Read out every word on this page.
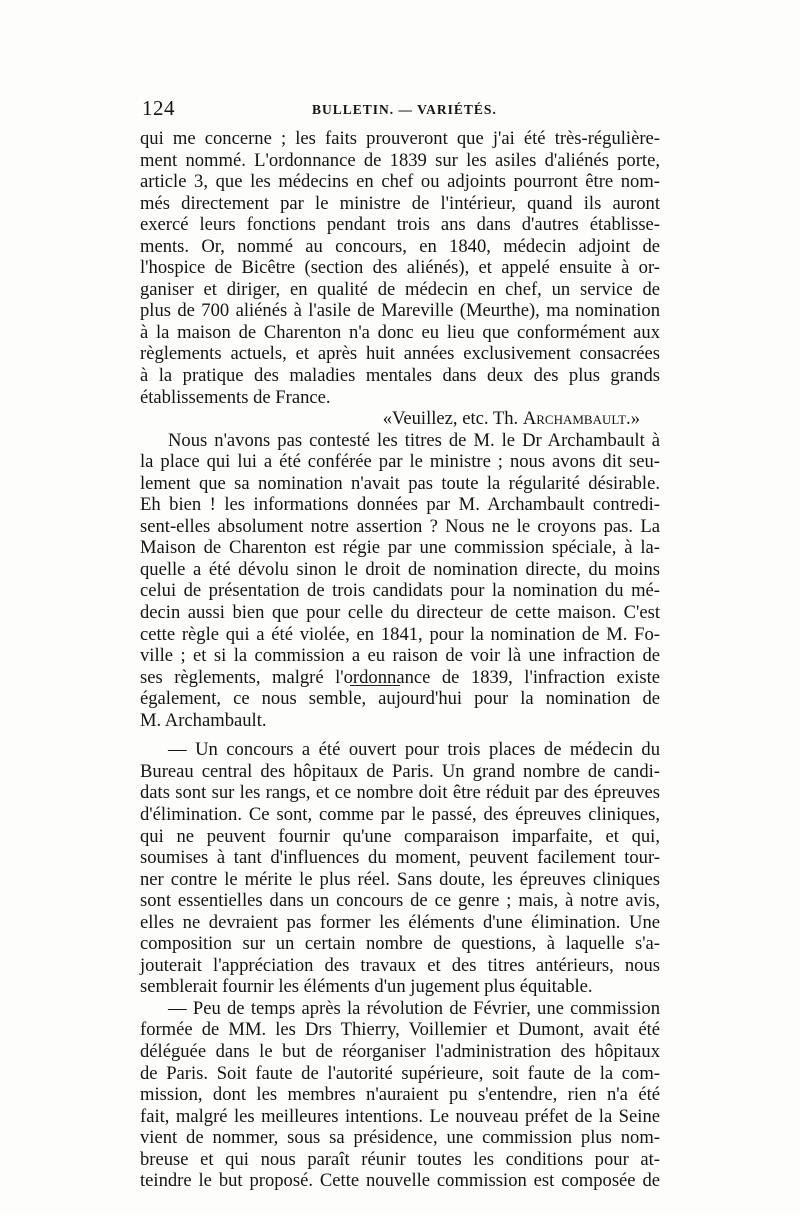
124	BULLETIN. — VARIÉTÉS.

qui me concerne ; les faits prouveront que j'ai été très-régulière-

ment nommé. L'ordonnance de 1839 sur les asiles d'aliénés porte,

article 3, que les médecins en chef ou adjoints pourront être nom-

més directement par le ministre de l'intérieur, quand ils auront

exercé leurs fonctions pendant trois ans dans d'autres établisse-

ments. Or, nommé au concours, en 1840, médecin adjoint de

l'hospice de Bicêtre (section des aliénés), et appelé ensuite à or-

ganiser et diriger, en qualité de médecin en chef, un service de

plus de 700 aliénés à l'asile de Mareville (Meurthe), ma nomination

à la maison de Charenton n'a donc eu lieu que conformément aux

règlements actuels, et après huit années exclusivement consacrées

à la pratique des maladies mentales dans deux des plus grands

établissements de France.

«Veuillez, etc. Th. Archambault.»

Nous n'avons pas contesté les titres de M. le Dr Archambault à

la place qui lui a été conférée par le ministre ; nous avons dit seu-

lement que sa nomination n'avait pas toute la régularité désirable.

Eh bien ! les informations données par M. Archambault contredi-

sent-elles absolument notre assertion ? Nous ne le croyons pas. La

Maison de Charenton est régie par une commission spéciale, à la-

quelle a été dévolu sinon le droit de nomination directe, du moins

celui de présentation de trois candidats pour la nomination du mé-

decin aussi bien que pour celle du directeur de cette maison. C'est

cette règle qui a été violée, en 1841, pour la nomination de M. Fo-

ville ; et si la commission a eu raison de voir là une infraction de

ses règlements, malgré l'ordonnance de 1839, l'infraction existe

également, ce nous semble, aujourd'hui pour la nomination de

M. Archambault.

— Un concours a été ouvert pour trois places de médecin du

Bureau central des hôpitaux de Paris. Un grand nombre de candi-

dats sont sur les rangs, et ce nombre doit être réduit par des épreuves

d'élimination. Ce sont, comme par le passé, des épreuves cliniques,

qui ne peuvent fournir qu'une comparaison imparfaite, et qui,

soumises à tant d'influences du moment, peuvent facilement tour-

ner contre le mérite le plus réel. Sans doute, les épreuves cliniques

sont essentielles dans un concours de ce genre ; mais, à notre avis,

elles ne devraient pas former les éléments d'une élimination. Une

composition sur un certain nombre de questions, à laquelle s'a-

jouterait l'appréciation des travaux et des titres antérieurs, nous

semblerait fournir les éléments d'un jugement plus équitable.

— Peu de temps après la révolution de Février, une commission

formée de MM. les Drs Thierry, Voillemier et Dumont, avait été

déléguée dans le but de réorganiser l'administration des hôpitaux

de Paris. Soit faute de l'autorité supérieure, soit faute de la com-

mission, dont les membres n'auraient pu s'entendre, rien n'a été

fait, malgré les meilleures intentions. Le nouveau préfet de la Seine

vient de nommer, sous sa présidence, une commission plus nom-

breuse et qui nous paraît réunir toutes les conditions pour at-

teindre le but proposé. Cette nouvelle commission est composée de
